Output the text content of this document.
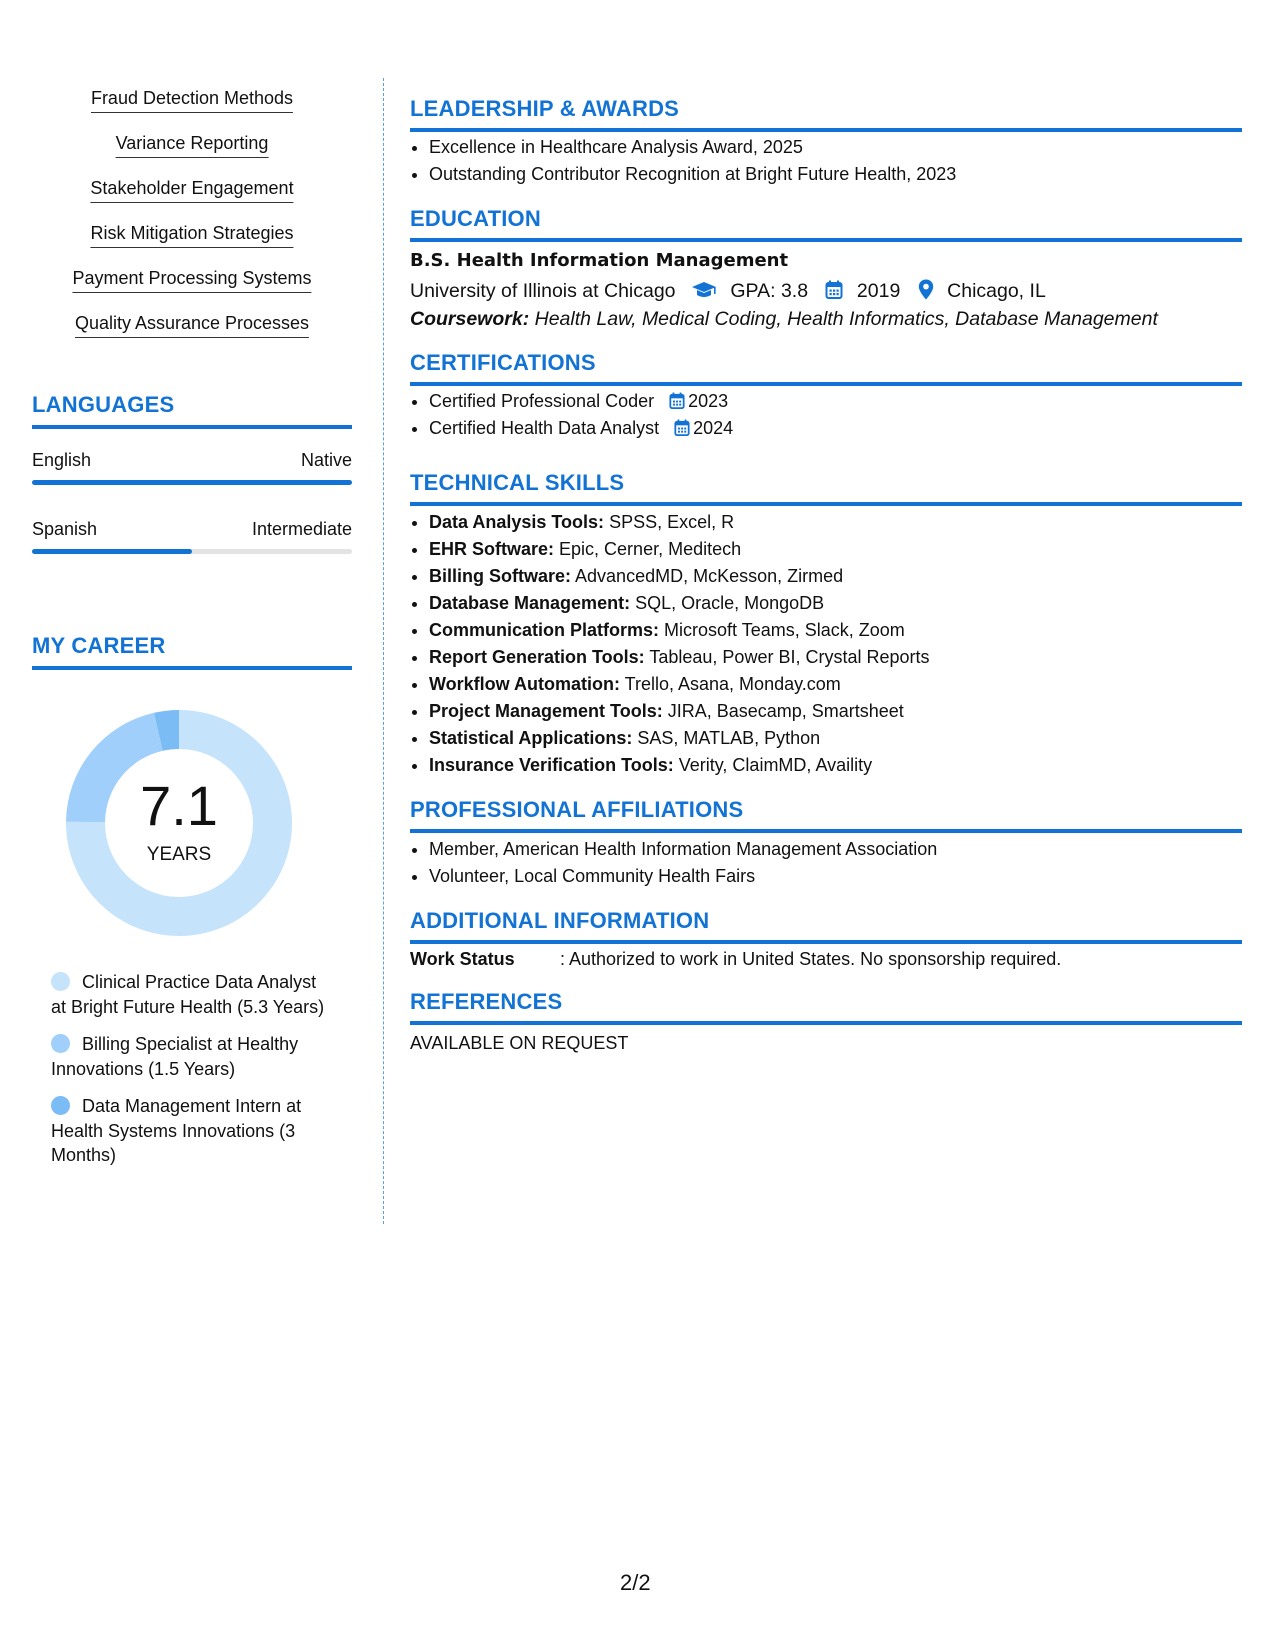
Fraud Detection Methods
Variance Reporting
Stakeholder Engagement
Risk Mitigation Strategies
Payment Processing Systems
Quality Assurance Processes
LANGUAGES
English	Native
Spanish	Intermediate
MY CAREER
7.1
YEARS
Clinical Practice Data Analyst at Bright Future Health (5.3 Years)
Billing Specialist at Healthy Innovations (1.5 Years)
Data Management Intern at Health Systems Innovations (3 Months)
LEADERSHIP & AWARDS
• Excellence in Healthcare Analysis Award, 2025
• Outstanding Contributor Recognition at Bright Future Health, 2023
EDUCATION
B.S. Health Information Management
University of Illinois at Chicago	GPA: 3.8	2019 Chicago, IL
Coursework: Health Law, Medical Coding, Health Informatics, Database Management
CERTIFICATIONS
• Certified Professional Coder 2023
• Certified Health Data Analyst 2024
TECHNICAL SKILLS
• Data Analysis Tools: SPSS, Excel, R
• EHR Software: Epic, Cerner, Meditech
• Billing Software: AdvancedMD, McKesson, Zirmed
• Database Management: SQL, Oracle, MongoDB
• Communication Platforms: Microsoft Teams, Slack, Zoom
• Report Generation Tools: Tableau, Power BI, Crystal Reports
• Workflow Automation: Trello, Asana, Monday.com
• Project Management Tools: JIRA, Basecamp, Smartsheet
• Statistical Applications: SAS, MATLAB, Python
• Insurance Verification Tools: Verity, ClaimMD, Availity
PROFESSIONAL AFFILIATIONS
• Member, American Health Information Management Association
• Volunteer, Local Community Health Fairs
ADDITIONAL INFORMATION
Work Status	: Authorized to work in United States. No sponsorship required.
REFERENCES
AVAILABLE ON REQUEST
2/2
